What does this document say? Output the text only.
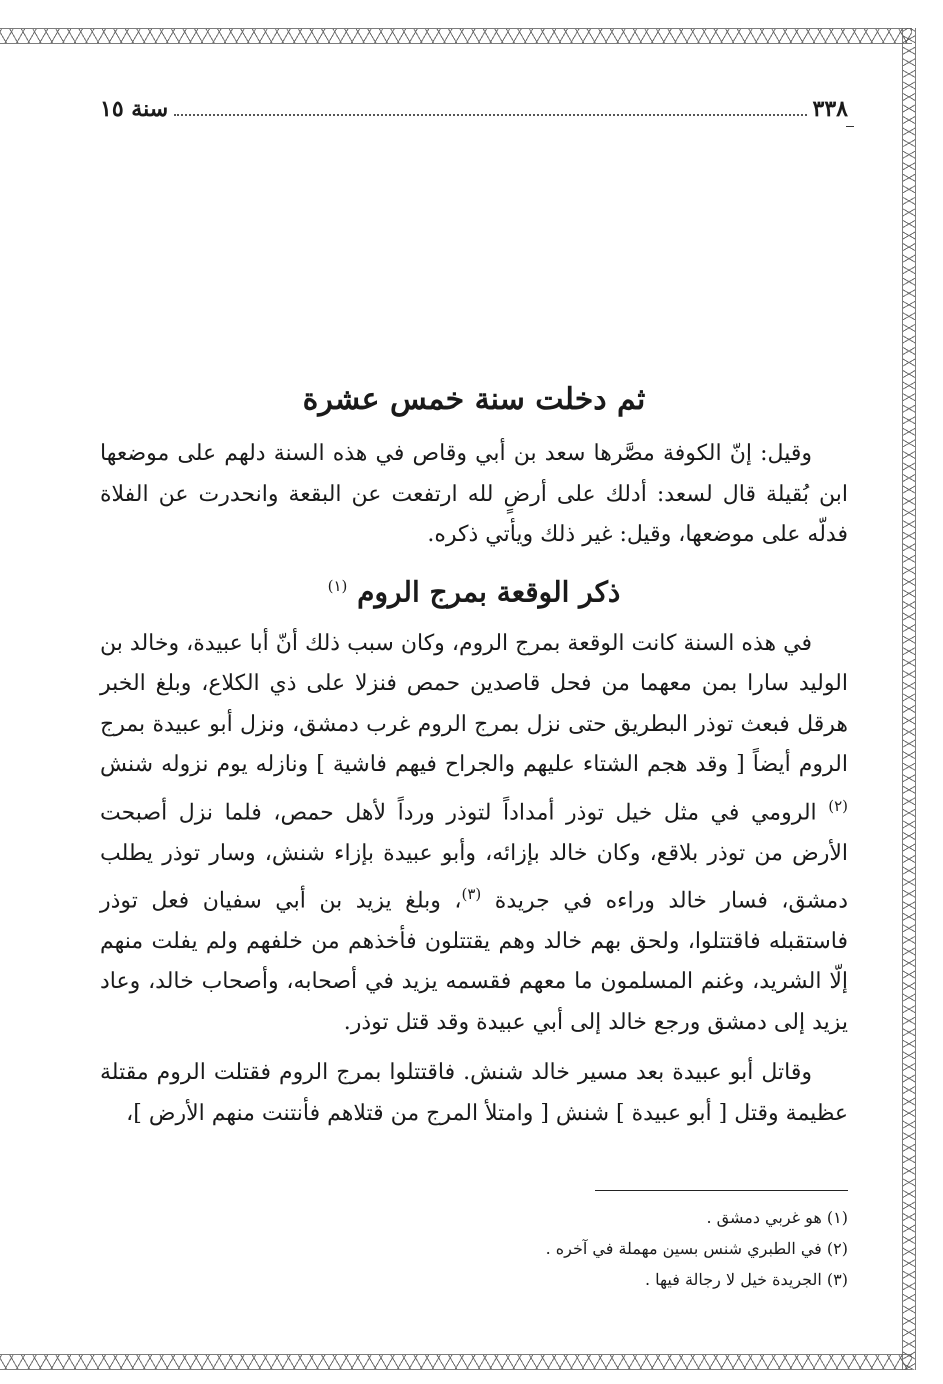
٣٣٨
سنة ١٥
ثم دخلت سنة خمس عشرة

وقيل: إنّ الكوفة مصَّرها سعد بن أبي وقاص في هذه السنة دلهم على موضعها ابن بُقيلة قال لسعد: أدلك على أرضٍ لله ارتفعت عن البقعة وانحدرت عن الفلاة فدلّه على موضعها، وقيل: غير ذلك ويأتي ذكره.

ذكر الوقعة بمرج الروم $^{(١)}$

في هذه السنة كانت الوقعة بمرج الروم، وكان سبب ذلك أنّ أبا عبيدة، وخالد بن الوليد سارا بمن معهما من فحل قاصدين حمص فنزلا على ذي الكلاع، وبلغ الخبر هرقل فبعث توذر البطريق حتى نزل بمرج الروم غرب دمشق، ونزل أبو عبيدة بمرج الروم أيضاً [ وقد هجم الشتاء عليهم والجراح فيهم فاشية ] ونازله يوم نزوله شنش $^{(٢)}$ الرومي في مثل خيل توذر أمداداً لتوذر ورداً لأهل حمص، فلما نزل أصبحت الأرض من توذر بلاقع، وكان خالد بإزائه، وأبو عبيدة بإزاء شنش، وسار توذر يطلب دمشق، فسار خالد وراءه في جريدة $^{(٣)}$، وبلغ يزيد بن أبي سفيان فعل توذر فاستقبله فاقتتلوا، ولحق بهم خالد وهم يقتتلون فأخذهم من خلفهم ولم يفلت منهم إلّا الشريد، وغنم المسلمون ما معهم فقسمه يزيد في أصحابه، وأصحاب خالد، وعاد يزيد إلى دمشق ورجع خالد إلى أبي عبيدة وقد قتل توذر.

وقاتل أبو عبيدة بعد مسير خالد شنش. فاقتتلوا بمرج الروم فقتلت الروم مقتلة عظيمة وقتل [ أبو عبيدة ] شنش [ وامتلأ المرج من قتلاهم فأنتنت منهم الأرض ]،

(١) هو غربي دمشق .
(٢) في الطبري شنس بسين مهملة في آخره .
(٣) الجريدة خيل لا رجالة فيها .
